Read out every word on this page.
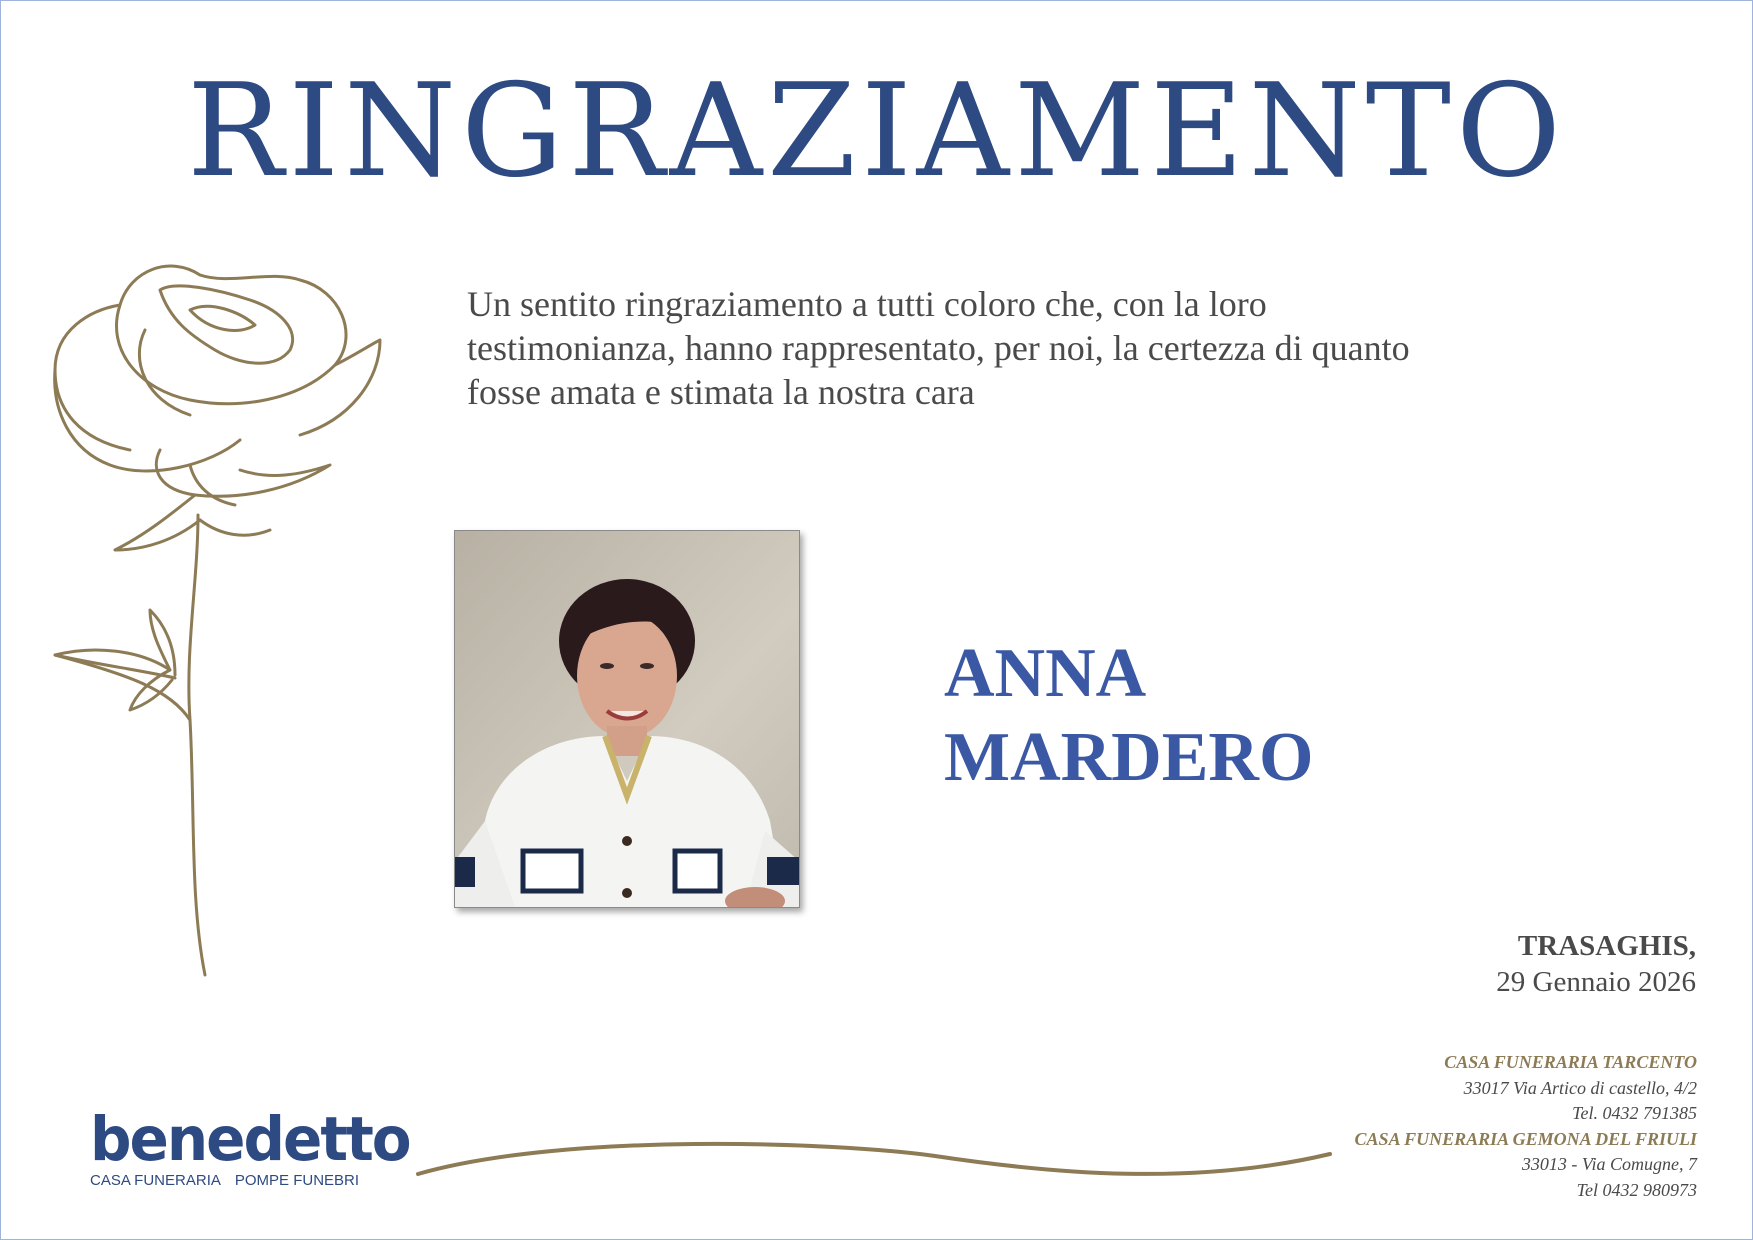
RINGRAZIAMENTO
Un sentito ringraziamento a tutti coloro che, con la loro
testimonianza, hanno rappresentato, per noi, la certezza di quanto
fosse amata e stimata la nostra cara
ANNA
MARDERO
TRASAGHIS,
29 Gennaio 2026
CASA FUNERARIA TARCENTO
33017 Via Artico di castello, 4/2
Tel. 0432 791385
CASA FUNERARIA GEMONA DEL FRIULI
33013 - Via Comugne, 7
Tel 0432 980973
benedetto
CASA FUNERARIA POMPE FUNEBRI
